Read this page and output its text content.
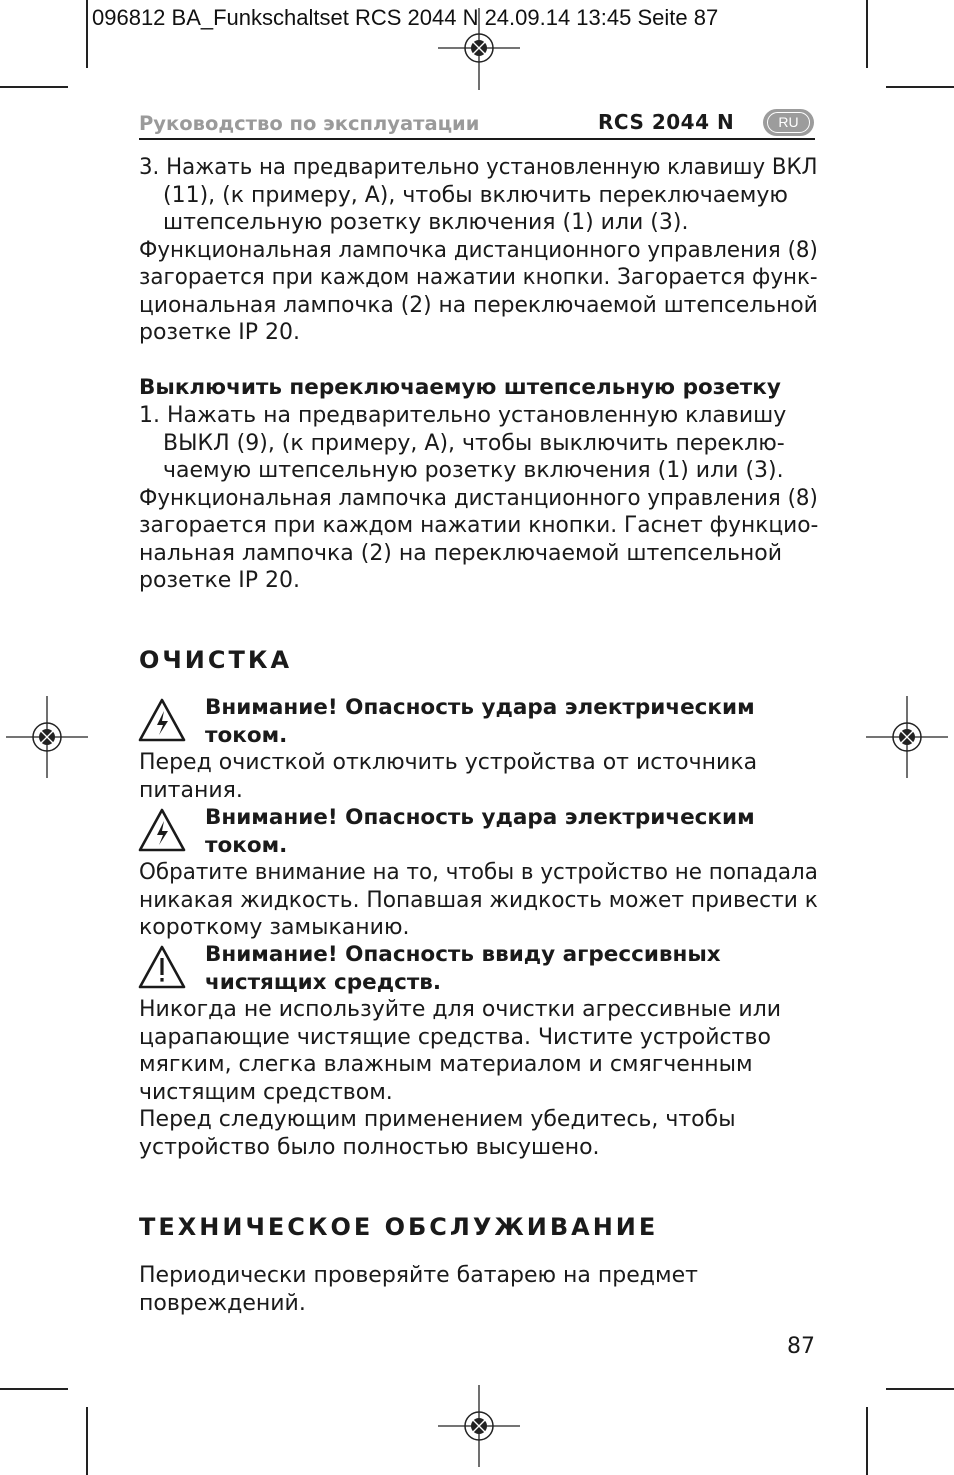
096812 BA_Funkschaltset RCS 2044 N 24.09.14 13:45 Seite 87
Руководство по эксплуатации	RCS 2044 N	RU
3. Нажать на предварительно установленную клавишу ВКЛ
(11), (к примеру, A), чтобы включить переключаемую
штепсельную розетку включения (1) или (3).
Функциональная лампочка дистанционного управления (8)
загорается при каждом нажатии кнопки. Загорается функ-
циональная лампочка (2) на переключаемой штепсельной
розетке IP 20.
Выключить переключаемую штепсельную розетку
1. Нажать на предварительно установленную клавишу
ВЫКЛ (9), (к примеру, A), чтобы выключить переклю-
чаемую штепсельную розетку включения (1) или (3).
Функциональная лампочка дистанционного управления (8)
загорается при каждом нажатии кнопки. Гаснет функцио-
нальная лампочка (2) на переключаемой штепсельной
розетке IP 20.
ОЧИСТКА
Внимание! Опасность удара электрическим
током.
Перед очисткой отключить устройства от источника
питания.
Внимание! Опасность удара электрическим
током.
Обратите внимание на то, чтобы в устройство не попадала
никакая жидкость. Попавшая жидкость может привести к
короткому замыканию.
Внимание! Опасность ввиду агрессивных
чистящих средств.
Никогда не используйте для очистки агрессивные или
царапающие чистящие средства. Чистите устройство
мягким, слегка влажным материалом и смягченным
чистящим средством.
Перед следующим применением убедитесь, чтобы
устройство было полностью высушено.
ТЕХНИЧЕСКОЕ ОБСЛУЖИВАНИЕ
Периодически проверяйте батарею на предмет
повреждений.
87
